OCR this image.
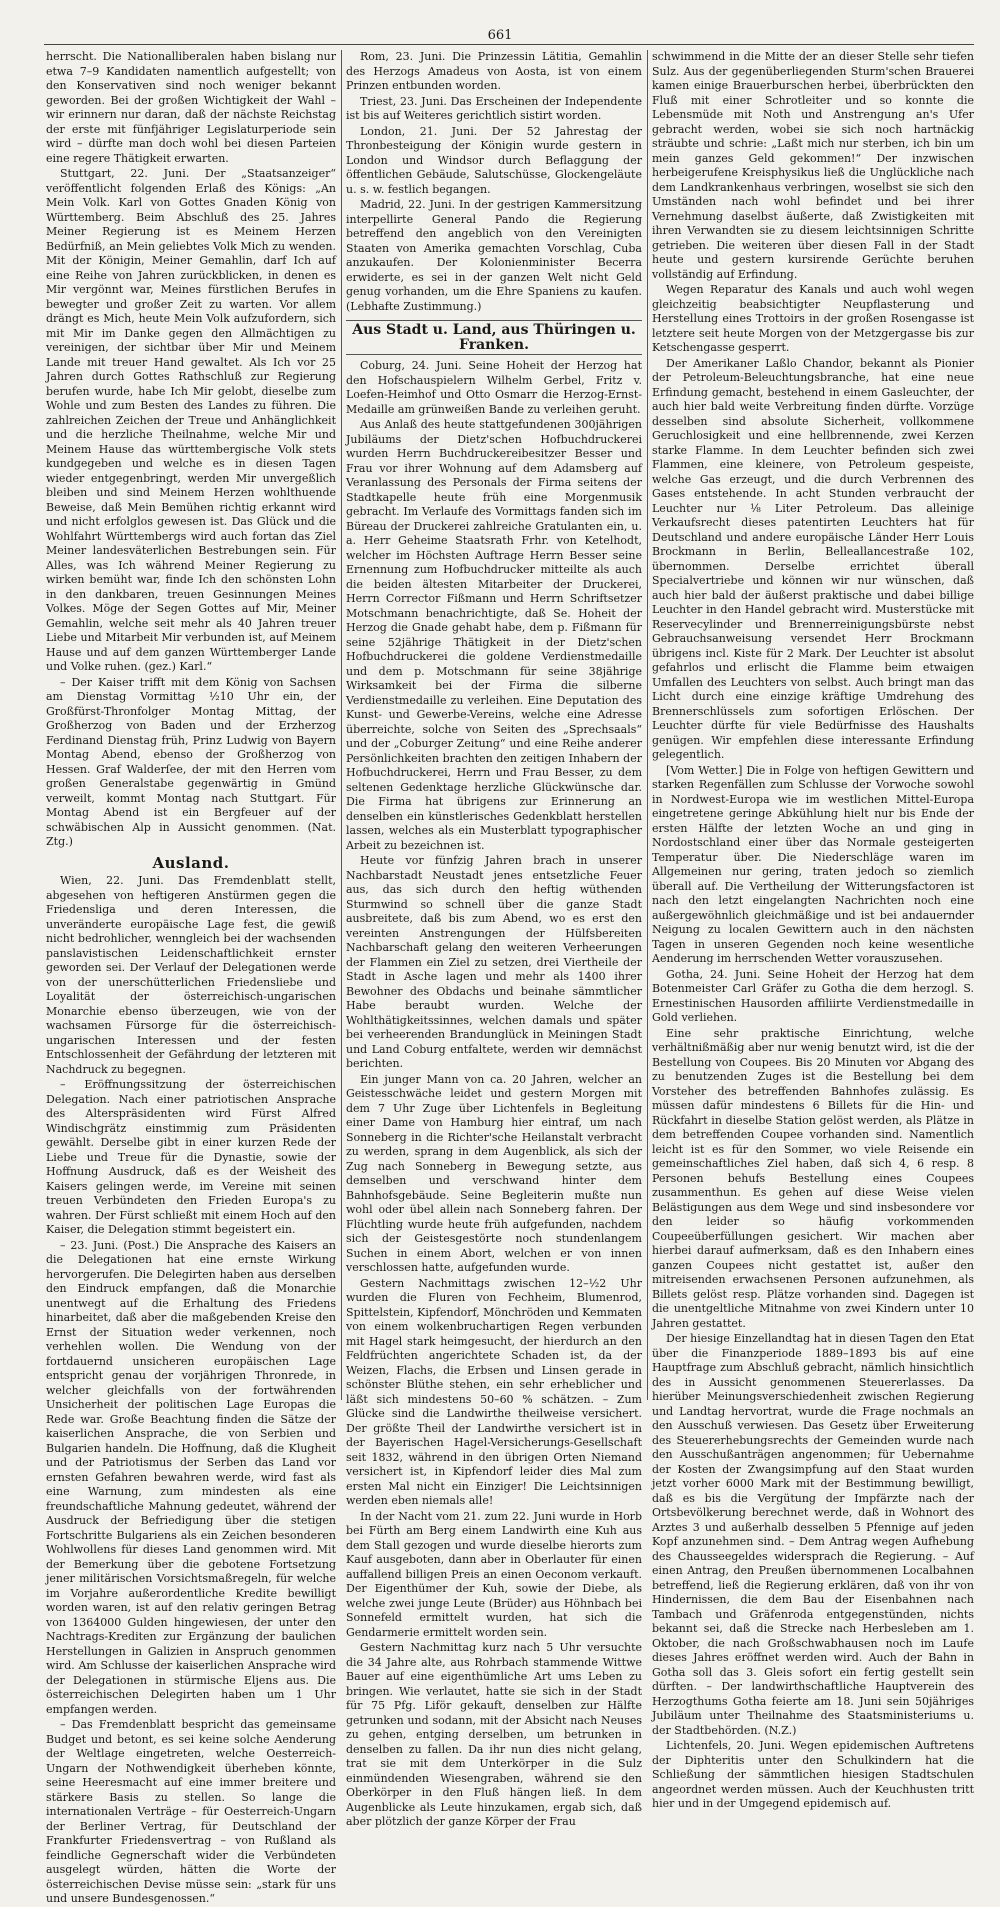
661

herrscht. Die Nationalliberalen haben bislang nur etwa 7–9 Kandidaten namentlich aufgestellt; von den Konservativen sind noch weniger bekannt geworden. Bei der großen Wichtigkeit der Wahl – wir erinnern nur daran, daß der nächste Reichstag der erste mit fünfjähriger Legislaturperiode sein wird – dürfte man doch wohl bei diesen Parteien eine regere Thätigkeit erwarten.

Stuttgart, 22. Juni. Der „Staatsanzeiger“ veröffentlicht folgenden Erlaß des Königs: „An Mein Volk. Karl von Gottes Gnaden König von Württemberg. Beim Abschluß des 25. Jahres Meiner Regierung ist es Meinem Herzen Bedürfniß, an Mein geliebtes Volk Mich zu wenden. Mit der Königin, Meiner Gemahlin, darf Ich auf eine Reihe von Jahren zurückblicken, in denen es Mir vergönnt war, Meines fürstlichen Berufes in bewegter und großer Zeit zu warten. Vor allem drängt es Mich, heute Mein Volk aufzufordern, sich mit Mir im Danke gegen den Allmächtigen zu vereinigen, der sichtbar über Mir und Meinem Lande mit treuer Hand gewaltet. Als Ich vor 25 Jahren durch Gottes Rathschluß zur Regierung berufen wurde, habe Ich Mir gelobt, dieselbe zum Wohle und zum Besten des Landes zu führen. Die zahlreichen Zeichen der Treue und Anhänglichkeit und die herzliche Theilnahme, welche Mir und Meinem Hause das württembergische Volk stets kundgegeben und welche es in diesen Tagen wieder entgegenbringt, werden Mir unvergeßlich bleiben und sind Meinem Herzen wohlthuende Beweise, daß Mein Bemühen richtig erkannt wird und nicht erfolglos gewesen ist. Das Glück und die Wohlfahrt Württembergs wird auch fortan das Ziel Meiner landesväterlichen Bestrebungen sein. Für Alles, was Ich während Meiner Regierung zu wirken bemüht war, finde Ich den schönsten Lohn in den dankbaren, treuen Gesinnungen Meines Volkes. Möge der Segen Gottes auf Mir, Meiner Gemahlin, welche seit mehr als 40 Jahren treuer Liebe und Mitarbeit Mir verbunden ist, auf Meinem Hause und auf dem ganzen Württemberger Lande und Volke ruhen. (gez.) Karl.“

– Der Kaiser trifft mit dem König von Sachsen am Dienstag Vormittag ½10 Uhr ein, der Großfürst-Thronfolger Montag Mittag, der Großherzog von Baden und der Erzherzog Ferdinand Dienstag früh, Prinz Ludwig von Bayern Montag Abend, ebenso der Großherzog von Hessen. Graf Walderſee, der mit den Herren vom großen Generalstabe gegenwärtig in Gmünd verweilt, kommt Montag nach Stuttgart. Für Montag Abend ist ein Bergfeuer auf der schwäbischen Alp in Aussicht genommen. (Nat. Ztg.)

Ausland.

Wien, 22. Juni. Das Fremdenblatt stellt, abgesehen von heftigeren Anstürmen gegen die Friedensliga und deren Interessen, die unveränderte europäische Lage fest, die gewiß nicht bedrohlicher, wenngleich bei der wachsenden panslavistischen Leidenschaftlichkeit ernster geworden sei. Der Verlauf der Delegationen werde von der unerschütterlichen Friedensliebe und Loyalität der österreichisch-ungarischen Monarchie ebenso überzeugen, wie von der wachsamen Fürsorge für die österreichisch-ungarischen Interessen und der festen Entschlossenheit der Gefährdung der letzteren mit Nachdruck zu begegnen.

– Eröffnungssitzung der österreichischen Delegation. Nach einer patriotischen Ansprache des Alterspräsidenten wird Fürst Alfred Windischgrätz einstimmig zum Präsidenten gewählt. Derselbe gibt in einer kurzen Rede der Liebe und Treue für die Dynastie, sowie der Hoffnung Ausdruck, daß es der Weisheit des Kaisers gelingen werde, im Vereine mit seinen treuen Verbündeten den Frieden Europa's zu wahren. Der Fürst schließt mit einem Hoch auf den Kaiser, die Delegation stimmt begeistert ein.

– 23. Juni. (Post.) Die Ansprache des Kaisers an die Delegationen hat eine ernste Wirkung hervorgerufen. Die Delegirten haben aus derselben den Eindruck empfangen, daß die Monarchie unentwegt auf die Erhaltung des Friedens hinarbeitet, daß aber die maßgebenden Kreise den Ernst der Situation weder verkennen, noch verhehlen wollen. Die Wendung von der fortdauernd unsicheren europäischen Lage entspricht genau der vorjährigen Thronrede, in welcher gleichfalls von der fortwährenden Unsicherheit der politischen Lage Europas die Rede war. Große Beachtung finden die Sätze der kaiserlichen Ansprache, die von Serbien und Bulgarien handeln. Die Hoffnung, daß die Klugheit und der Patriotismus der Serben das Land vor ernsten Gefahren bewahren werde, wird fast als eine Warnung, zum mindesten als eine freundschaftliche Mahnung gedeutet, während der Ausdruck der Befriedigung über die stetigen Fortschritte Bulgariens als ein Zeichen besonderen Wohlwollens für dieses Land genommen wird. Mit der Bemerkung über die gebotene Fortsetzung jener militärischen Vorsichtsmaßregeln, für welche im Vorjahre außerordentliche Kredite bewilligt worden waren, ist auf den relativ geringen Betrag von 1364000 Gulden hingewiesen, der unter den Nachtrags-Krediten zur Ergänzung der baulichen Herstellungen in Galizien in Anspruch genommen wird. Am Schlusse der kaiserlichen Ansprache wird der Delegationen in stürmische Eljens aus. Die österreichischen Delegirten haben um 1 Uhr empfangen werden.

– Das Fremdenblatt bespricht das gemeinsame Budget und betont, es sei keine solche Aenderung der Weltlage eingetreten, welche Oesterreich-Ungarn der Nothwendigkeit überheben könnte, seine Heeresmacht auf eine immer breitere und stärkere Basis zu stellen. So lange die internationalen Verträge – für Oesterreich-Ungarn der Berliner Vertrag, für Deutschland der Frankfurter Friedensvertrag – von Rußland als feindliche Gegnerschaft wider die Verbündeten ausgelegt würden, hätten die Worte der österreichischen Devise müsse sein: „stark für uns und unsere Bundesgenossen.“

Rom, 23. Juni. Die Prinzessin Lätitia, Gemahlin des Herzogs Amadeus von Aosta, ist von einem Prinzen entbunden worden.

Triest, 23. Juni. Das Erscheinen der Independente ist bis auf Weiteres gerichtlich sistirt worden.

London, 21. Juni. Der 52 Jahrestag der Thronbesteigung der Königin wurde gestern in London und Windsor durch Beflaggung der öffentlichen Gebäude, Salutschüsse, Glockengeläute u. s. w. festlich begangen.

Madrid, 22. Juni. In der gestrigen Kammersitzung interpellirte General Pando die Regierung betreffend den angeblich von den Vereinigten Staaten von Amerika gemachten Vorschlag, Cuba anzukaufen. Der Kolonienminister Becerra erwiderte, es sei in der ganzen Welt nicht Geld genug vorhanden, um die Ehre Spaniens zu kaufen. (Lebhafte Zustimmung.)

Aus Stadt u. Land, aus Thüringen u. Franken.

Coburg, 24. Juni. Seine Hoheit der Herzog hat den Hofschauspielern Wilhelm Gerbel, Fritz v. Loefen-Heimhof und Otto Osmarr die Herzog-Ernst-Medaille am grünweißen Bande zu verleihen geruht.

Aus Anlaß des heute stattgefundenen 300jährigen Jubiläums der Dietz'schen Hofbuchdruckerei wurden Herrn Buchdruckereibesitzer Besser und Frau vor ihrer Wohnung auf dem Adamsberg auf Veranlassung des Personals der Firma seitens der Stadtkapelle heute früh eine Morgenmusik gebracht. Im Verlaufe des Vormittags fanden sich im Büreau der Druckerei zahlreiche Gratulanten ein, u. a. Herr Geheime Staatsrath Frhr. von Ketelhodt, welcher im Höchsten Auftrage Herrn Besser seine Ernennung zum Hofbuchdrucker mitteilte als auch die beiden ältesten Mitarbeiter der Druckerei, Herrn Corrector Fißmann und Herrn Schriftsetzer Motschmann benachrichtigte, daß Se. Hoheit der Herzog die Gnade gehabt habe, dem p. Fißmann für seine 52jährige Thätigkeit in der Dietz'schen Hofbuchdruckerei die goldene Verdienstmedaille und dem p. Motschmann für seine 38jährige Wirksamkeit bei der Firma die silberne Verdienstmedaille zu verleihen. Eine Deputation des Kunst- und Gewerbe-Vereins, welche eine Adresse überreichte, solche von Seiten des „Sprechsaals“ und der „Coburger Zeitung“ und eine Reihe anderer Persönlichkeiten brachten den zeitigen Inhabern der Hofbuchdruckerei, Herrn und Frau Besser, zu dem seltenen Gedenktage herzliche Glückwünsche dar. Die Firma hat übrigens zur Erinnerung an denselben ein künstlerisches Gedenkblatt herstellen lassen, welches als ein Musterblatt typographischer Arbeit zu bezeichnen ist.

Heute vor fünfzig Jahren brach in unserer Nachbarstadt Neustadt jenes entsetzliche Feuer aus, das sich durch den heftig wüthenden Sturmwind so schnell über die ganze Stadt ausbreitete, daß bis zum Abend, wo es erst den vereinten Anstrengungen der Hülfsbereiten Nachbarschaft gelang den weiteren Verheerungen der Flammen ein Ziel zu setzen, drei Viertheile der Stadt in Asche lagen und mehr als 1400 ihrer Bewohner des Obdachs und beinahe sämmtlicher Habe beraubt wurden. Welche der Wohlthätigkeitssinnes, welchen damals und später bei verheerenden Brandunglück in Meiningen Stadt und Land Coburg entfaltete, werden wir demnächst berichten.

Ein junger Mann von ca. 20 Jahren, welcher an Geistesschwäche leidet und gestern Morgen mit dem 7 Uhr Zuge über Lichtenfels in Begleitung einer Dame von Hamburg hier eintraf, um nach Sonneberg in die Richter'sche Heilanstalt verbracht zu werden, sprang in dem Augenblick, als sich der Zug nach Sonneberg in Bewegung setzte, aus demselben und verschwand hinter dem Bahnhofsgebäude. Seine Begleiterin mußte nun wohl oder übel allein nach Sonneberg fahren. Der Flüchtling wurde heute früh aufgefunden, nachdem sich der Geistesgestörte noch stundenlangem Suchen in einem Abort, welchen er von innen verschlossen hatte, aufgefunden wurde.

Gestern Nachmittags zwischen 12–½2 Uhr wurden die Fluren von Fechheim, Blumenrod, Spittelstein, Kipfendorf, Mönchröden und Kemmaten von einem wolkenbruchartigen Regen verbunden mit Hagel stark heimgesucht, der hierdurch an den Feldfrüchten angerichtete Schaden ist, da der Weizen, Flachs, die Erbsen und Linsen gerade in schönster Blüthe stehen, ein sehr erheblicher und läßt sich mindestens 50–60 % schätzen. – Zum Glücke sind die Landwirthe theilweise versichert. Der größte Theil der Landwirthe versichert ist in der Bayerischen Hagel-Versicherungs-Gesellschaft seit 1832, während in den übrigen Orten Niemand versichert ist, in Kipfendorf leider dies Mal zum ersten Mal nicht ein Einziger! Die Leichtsinnigen werden eben niemals alle!

In der Nacht vom 21. zum 22. Juni wurde in Horb bei Fürth am Berg einem Landwirth eine Kuh aus dem Stall gezogen und wurde dieselbe hierorts zum Kauf ausgeboten, dann aber in Oberlauter für einen auffallend billigen Preis an einen Oeconom verkauft. Der Eigenthümer der Kuh, sowie der Diebe, als welche zwei junge Leute (Brüder) aus Höhnbach bei Sonnefeld ermittelt wurden, hat sich die Gendarmerie ermittelt worden sein.

Gestern Nachmittag kurz nach 5 Uhr versuchte die 34 Jahre alte, aus Rohrbach stammende Wittwe Bauer auf eine eigenthümliche Art ums Leben zu bringen. Wie verlautet, hatte sie sich in der Stadt für 75 Pfg. Liför gekauft, denselben zur Hälfte getrunken und sodann, mit der Absicht nach Neuses zu gehen, entging derselben, um betrunken in denselben zu fallen. Da ihr nun dies nicht gelang, trat sie mit dem Unterkörper in die Sulz einmündenden Wiesengraben, während sie den Oberkörper in den Fluß hängen ließ. In dem Augenblicke als Leute hinzukamen, ergab sich, daß aber plötzlich der ganze Körper der Frau

schwimmend in die Mitte der an dieser Stelle sehr tiefen Sulz. Aus der gegenüberliegenden Sturm'schen Brauerei kamen einige Brauerburschen herbei, überbrückten den Fluß mit einer Schrotleiter und so konnte die Lebensmüde mit Noth und Anstrengung an's Ufer gebracht werden, wobei sie sich noch hartnäckig sträubte und schrie: „Laßt mich nur sterben, ich bin um mein ganzes Geld gekommen!“ Der inzwischen herbeigerufene Kreisphysikus ließ die Unglückliche nach dem Landkrankenhaus verbringen, woselbst sie sich den Umständen nach wohl befindet und bei ihrer Vernehmung daselbst äußerte, daß Zwistigkeiten mit ihren Verwandten sie zu diesem leichtsinnigen Schritte getrieben. Die weiteren über diesen Fall in der Stadt heute und gestern kursirende Gerüchte beruhen vollständig auf Erfindung.

Wegen Reparatur des Kanals und auch wohl wegen gleichzeitig beabsichtigter Neupflasterung und Herstellung eines Trottoirs in der großen Rosengasse ist letztere seit heute Morgen von der Metzgergasse bis zur Ketschengasse gesperrt.

Der Amerikaner Laßlo Chandor, bekannt als Pionier der Petroleum-Beleuchtungsbranche, hat eine neue Erfindung gemacht, bestehend in einem Gasleuchter, der auch hier bald weite Verbreitung finden dürfte. Vorzüge desselben sind absolute Sicherheit, vollkommene Geruchlosigkeit und eine hellbrennende, zwei Kerzen starke Flamme. In dem Leuchter befinden sich zwei Flammen, eine kleinere, von Petroleum gespeiste, welche Gas erzeugt, und die durch Verbrennen des Gases entstehende. In acht Stunden verbraucht der Leuchter nur ⅛ Liter Petroleum. Das alleinige Verkaufsrecht dieses patentirten Leuchters hat für Deutschland und andere europäische Länder Herr Louis Brockmann in Berlin, Belleallancestraße 102, übernommen. Derselbe errichtet überall Specialvertriebe und können wir nur wünschen, daß auch hier bald der äußerst praktische und dabei billige Leuchter in den Handel gebracht wird. Musterstücke mit Reservecylinder und Brennerreinigungsbürste nebst Gebrauchsanweisung versendet Herr Brockmann übrigens incl. Kiste für 2 Mark. Der Leuchter ist absolut gefahrlos und erlischt die Flamme beim etwaigen Umfallen des Leuchters von selbst. Auch bringt man das Licht durch eine einzige kräftige Umdrehung des Brennerschlüssels zum sofortigen Erlöschen. Der Leuchter dürfte für viele Bedürfnisse des Haushalts genügen. Wir empfehlen diese interessante Erfindung gelegentlich.

[Vom Wetter.] Die in Folge von heftigen Gewittern und starken Regenfällen zum Schlusse der Vorwoche sowohl in Nordwest-Europa wie im westlichen Mittel-Europa eingetretene geringe Abkühlung hielt nur bis Ende der ersten Hälfte der letzten Woche an und ging in Nordostschland einer über das Normale gesteigerten Temperatur über. Die Niederschläge waren im Allgemeinen nur gering, traten jedoch so ziemlich überall auf. Die Vertheilung der Witterungsfactoren ist nach den letzt eingelangten Nachrichten noch eine außergewöhnlich gleichmäßige und ist bei andauernder Neigung zu localen Gewittern auch in den nächsten Tagen in unseren Gegenden noch keine wesentliche Aenderung im herrschenden Wetter vorauszusehen.

Gotha, 24. Juni. Seine Hoheit der Herzog hat dem Botenmeister Carl Gräfer zu Gotha die dem herzogl. S. Ernestinischen Hausorden affiliirte Verdienstmedaille in Gold verliehen.

Eine sehr praktische Einrichtung, welche verhältnißmäßig aber nur wenig benutzt wird, ist die der Bestellung von Coupees. Bis 20 Minuten vor Abgang des zu benutzenden Zuges ist die Bestellung bei dem Vorsteher des betreffenden Bahnhofes zulässig. Es müssen dafür mindestens 6 Billets für die Hin- und Rückfahrt in dieselbe Station gelöst werden, als Plätze in dem betreffenden Coupee vorhanden sind. Namentlich leicht ist es für den Sommer, wo viele Reisende ein gemeinschaftliches Ziel haben, daß sich 4, 6 resp. 8 Personen behufs Bestellung eines Coupees zusammenthun. Es gehen auf diese Weise vielen Belästigungen aus dem Wege und sind insbesondere vor den leider so häufig vorkommenden Coupeeüberfüllungen gesichert. Wir machen aber hierbei darauf aufmerksam, daß es den Inhabern eines ganzen Coupees nicht gestattet ist, außer den mitreisenden erwachsenen Personen aufzunehmen, als Billets gelöst resp. Plätze vorhanden sind. Dagegen ist die unentgeltliche Mitnahme von zwei Kindern unter 10 Jahren gestattet.

Der hiesige Einzellandtag hat in diesen Tagen den Etat über die Finanzperiode 1889–1893 bis auf eine Hauptfrage zum Abschluß gebracht, nämlich hinsichtlich des in Aussicht genommenen Steuererlasses. Da hierüber Meinungsverschiedenheit zwischen Regierung und Landtag hervortrat, wurde die Frage nochmals an den Ausschuß verwiesen. Das Gesetz über Erweiterung des Steuererhebungsrechts der Gemeinden wurde nach den Ausschußanträgen angenommen; für Uebernahme der Kosten der Zwangsimpfung auf den Staat wurden jetzt vorher 6000 Mark mit der Bestimmung bewilligt, daß es bis die Vergütung der Impfärzte nach der Ortsbevölkerung berechnet werde, daß in Wohnort des Arztes 3 und außerhalb desselben 5 Pfennige auf jeden Kopf anzunehmen sind. – Dem Antrag wegen Aufhebung des Chausseegeldes widersprach die Regierung. – Auf einen Antrag, den Preußen übernommenen Localbahnen betreffend, ließ die Regierung erklären, daß von ihr von Hindernissen, die dem Bau der Eisenbahnen nach Tambach und Gräfenroda entgegenstünden, nichts bekannt sei, daß die Strecke nach Herbesleben am 1. Oktober, die nach Großschwabhausen noch im Laufe dieses Jahres eröffnet werden wird. Auch der Bahn in Gotha soll das 3. Gleis sofort ein fertig gestellt sein dürften. – Der landwirthschaftliche Hauptverein des Herzogthums Gotha feierte am 18. Juni sein 50jähriges Jubiläum unter Theilnahme des Staatsministeriums u. der Stadtbehörden. (N.Z.)

Lichtenfels, 20. Juni. Wegen epidemischen Auftretens der Diphteritis unter den Schulkindern hat die Schließung der sämmtlichen hiesigen Stadtschulen angeordnet werden müssen. Auch der Keuchhusten tritt hier und in der Umgegend epidemisch auf.
